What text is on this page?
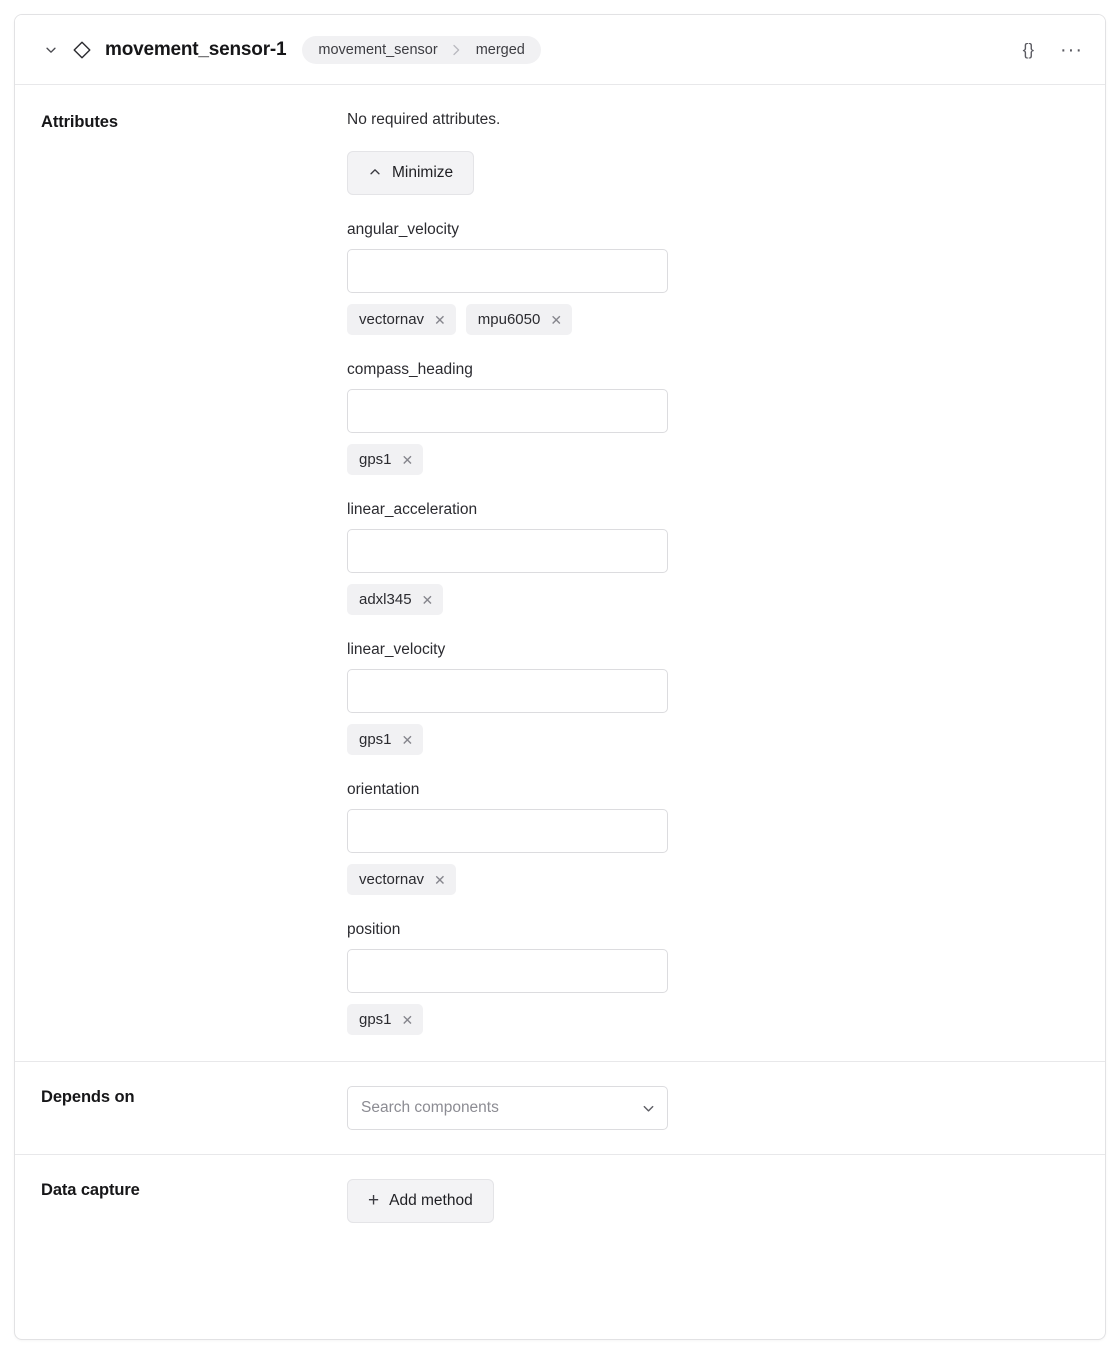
movement_sensor-1	movement_sensor	merged	{} ···
Attributes	No required attributes.

Minimize
angular_velocity
vectornav ✕ mpu6050 ✕
compass_heading
gps1 ✕
linear_acceleration
adxl345 ✕
linear_velocity
gps1 ✕
orientation
vectornav ✕
position
gps1 ✕
Depends on
Search components
Data capture	+ Add method
